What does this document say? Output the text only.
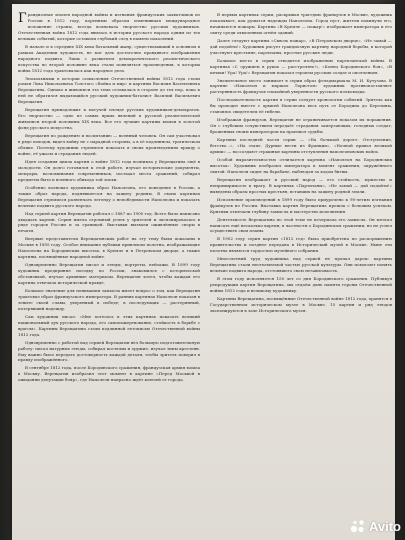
Грандиозная эпопея народной войны и изгнания французских захватчиков из России в 1812 году, коренным образом изменившая международное положение страны, всегда волновала творчество русских художников. Отечественная война 1812 года явилась в истории русского народа одним из тех великих событий, которые оставили глубокий след в памяти поколений.

В начале и в середине XIX века батальный жанр, существовавший в основном в рамках Академии художеств, не мог дать достаточно правдивого изображения народного подвига. Лишь с развитием демократического реалистического искусства во второй половине века стали появляться произведения, в которых война 1812 года трактовалась как народное дело.

Эпохальными в истории осмысления Отечественной войны 1812 года стали роман Льва Николаевича Толстого «Война и мир» и картины Василия Васильевича Верещагина. Однако в живописи эта тема оставалась в стороне до тех пор, пока к ней не обратился выдающийся русский художник-баталист Василий Васильевич Верещагин.

Верещагин принадлежит к могучей плеяде русских художников-демократов. Его творчество — одно из самых ярких явлений в русской реалистической живописи второй половины XIX века. Все его лучшие картины вошли в золотой фонд русского искусства.

Верещагин по рождению и воспитанию — военный человек. Он сам участвовал в ряде походов, видел войну не с парадной стороны, а в её подлинном, трагическом облике. Поэтому художник стремился показать в своих произведениях правду о войне, её ужасы и страдания людей.

Идея создания цикла картин о войне 1812 года возникла у Верещагина ещё в молодости. Он долго готовился к этой работе, изучал исторические документы, мемуары, воспоминания современников, посещал места сражений, собирал предметы быта и военного обихода той эпохи.

Особенно волновал художника образ Наполеона, его поведение в России, а также образ народа, поднявшегося на защиту родины. В своих картинах Верещагин стремился развенчать легенду о непобедимости Наполеона и показать величие подвига русского народа.

Над серией картин Верещагин работал с 1887 по 1900 год. Всего было написано двадцать картин. Серия имела огромный успех у зрителей и экспонировалась в ряде городов России и за границей. Выставки вызвали оживлённые споры в печати.

Впервые представители Верещагинских работ на эту тему были показаны в Москве в 1895 году. Особое внимание публики привлекли полотна, изображающие Наполеона на Бородинских высотах, в Кремле и в Петровском дворце, а также картины, посвящённые народной войне.

Одновременно Верещагин писал и этюды, портреты, пейзажи. В 1899 году художник предпринял поездку по России, знакомился с исторической обстановкой, изучал архивные материалы. Верещагин хотел, чтобы каждая его картина отвечала исторической правде.

Большое значение для понимания замысла имеет вопрос о том, как Верещагин трактовал образ французского императора. В ранних картинах Наполеон показан в зените своей славы, уверенный в победе; в последующих — растерянный, потерявший надежду.

Сам художник писал: «Мне хотелось в этих картинах показать великий национальный дух русского народа, его самопожертвование, стойкость в борьбе с врагом». Картины Верещагина стали подлинной летописью Отечественной войны 1812 года.

Одновременно с работой над серией Верещагин вёл большую подготовительную работу: писал натурные этюды, собирал костюмы и оружие, изучал типы крестьян. Ему важно было передать достоверность каждой детали, чтобы зритель поверил в правду изображённого.

В сентябре 1812 года, после Бородинского сражения, французская армия вошла в Москву. Верещагин изобразил этот момент в картине «Перед Москвой в ожидании депутации бояр», где Наполеон напрасно ждёт ключей от города.

В первых картинах серии, раскрывая трагедию французов в Москве, художник показывает, как рушатся надежды Наполеона. Город пуст, жители покинули его, начинаются пожары. Картина «В Кремле — пожар!» изображает императора и его свиту среди охваченных огнём зданий.

Далее следуют картины «Сквозь пожар», «В Петровском дворце», «Не замай — дай подойти!» Художник рисует грандиозную картину народной борьбы, в которой участвуют крестьяне, партизаны, простые русские люди.

Большое место в серии отводится изображению партизанской войны. В картинах «С оружием в руках — расстрелять!», «Конец Бородинского боя», «В штыки! Ура! Ура!» Верещагин показал героизм русских солдат и ополченцев.

Значительное место занимает в серии образ фельдмаршала М. И. Кутузова. В картине «Наполеон и маршал Лористон» художник противопоставляет растерянность французов спокойной уверенности русского полководца.

Последовательность картин в серии следует хронологии событий. Зритель как бы проходит вместе с армией Наполеона весь путь от Бородина до Березины, становясь свидетелем её гибели.

Изображая французов, Верещагин не ограничивается показом их поражения. Он с глубоким сочувствием передаёт страдания замерзающих, голодных солдат, брошенных своим императором на произвол судьбы.

Картины последней части серии — «На большой дороге. Отступление, бегство...», «На этапе. Дурные вести из Франции», «Ночной привал великой армии» — воссоздают страшные картины отступления наполеоновских войск.

Особой выразительностью отличается картина «Наполеон на Бородинских высотах». Художник изобразил императора в момент сражения, окружённого свитой. Наполеон сидит на барабане, наблюдая за ходом битвы.

Верещагин изображает и русский народ — его стойкость, мужество и непримиримость к врагу. В картинах «Партизаны», «Не замай — дай подойти!» выведены образы простых крестьян, вставших на защиту родной земли.

Исполнение произведений в 1899 году было приурочено к 90-летию изгнания французов из России. Выставка картин Верещагина прошла с большим успехом. Критики отмечали глубину замысла и мастерство исполнения.

Деятельность Верещагина по этой теме не исчерпала его замысла. Он мечтал написать ещё несколько картин, в частности о Бородинском сражении, но не успел осуществить свои планы.

В 1902 году серия картин «1812 год» была приобретена по распоряжению правительства и позднее передана в Исторический музей в Москве. Ныне эти полотна являются гордостью музейного собрания.

Многолетний труд художника над серией не пропал даром: картины Верещагина стали неотъемлемой частью русской культуры. Они помогают понять величие подвига народа, отстоявшего свою независимость.

В этом году исполняется 150 лет со дня Бородинского сражения. Публикуя репродукции картин Верещагина, мы отдаём дань памяти героям Отечественной войны 1812 года и великому художнику.

Картины Верещагина, посвящённые Отечественной войне 1812 года, хранятся в Государственном историческом музее в Москве. 15 картин и ряд этюдов экспонируются в зале Исторического музея.

Avito
